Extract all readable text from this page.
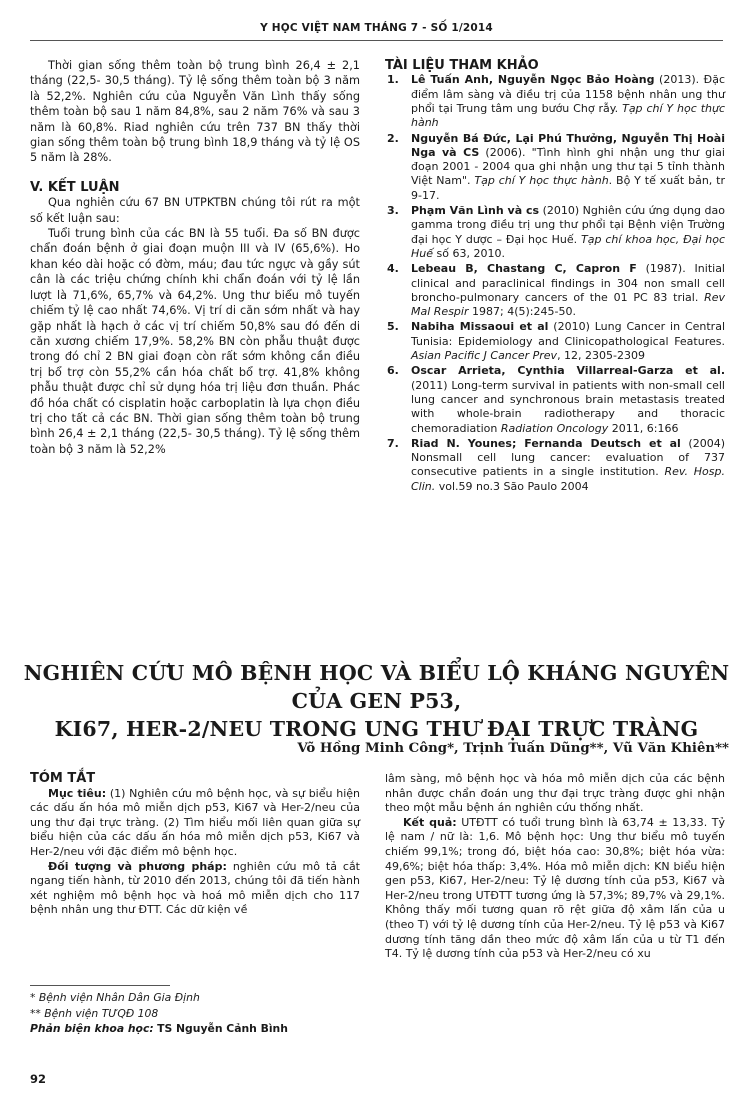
Y HỌC VIỆT NAM THÁNG 7 - SỐ 1/2014

Thời gian sống thêm toàn bộ trung bình 26,4 ± 2,1 tháng (22,5- 30,5 tháng). Tỷ lệ sống thêm toàn bộ 3 năm là 52,2%. Nghiên cứu của Nguyễn Văn Lình thấy sống thêm toàn bộ sau 1 năm 84,8%, sau 2 năm 76% và sau 3 năm là 60,8%. Riad nghiên cứu trên 737 BN thấy thời gian sống thêm toàn bộ trung bình 18,9 tháng và tỷ lệ OS 5 năm là 28%.

V. KẾT LUẬN

Qua nghiên cứu 67 BN UTPKTBN chúng tôi rút ra một số kết luận sau:

Tuổi trung bình của các BN là 55 tuổi. Đa số BN được chẩn đoán bệnh ở giai đoạn muộn III và IV (65,6%). Ho khan kéo dài hoặc có đờm, máu; đau tức ngực và gầy sút cân là các triệu chứng chính khi chẩn đoán với tỷ lệ lần lượt là 71,6%, 65,7% và 64,2%. Ung thư biểu mô tuyến chiếm tỷ lệ cao nhất 74,6%. Vị trí di căn sớm nhất và hay gặp nhất là hạch ở các vị trí chiếm 50,8% sau đó đến di căn xương chiếm 17,9%. 58,2% BN còn phẫu thuật được trong đó chỉ 2 BN giai đoạn còn rất sớm không cần điều trị bổ trợ còn 55,2% cần hóa chất bổ trợ. 41,8% không phẫu thuật được chỉ sử dụng hóa trị liệu đơn thuần. Phác đồ hóa chất có cisplatin hoặc carboplatin là lựa chọn điều trị cho tất cả các BN. Thời gian sống thêm toàn bộ trung bình 26,4 ± 2,1 tháng (22,5- 30,5 tháng). Tỷ lệ sống thêm toàn bộ 3 năm là 52,2%

TÀI LIỆU THAM KHẢO

1. Lê Tuấn Anh, Nguyễn Ngọc Bảo Hoàng (2013). Đặc điểm lâm sàng và điều trị của 1158 bệnh nhân ung thư phổi tại Trung tâm ung bướu Chợ rẫy. Tạp chí Y học thực hành
2. Nguyễn Bá Đức, Lại Phú Thưởng, Nguyễn Thị Hoài Nga và CS (2006). "Tình hình ghi nhận ung thư giai đoạn 2001 - 2004 qua ghi nhận ung thư tại 5 tỉnh thành Việt Nam". Tạp chí Y học thực hành. Bộ Y tế xuất bản, tr 9-17.
3. Phạm Văn Lình và cs (2010) Nghiên cứu ứng dụng dao gamma trong điều trị ung thư phổi tại Bệnh viện Trường đại học Y dược – Đại học Huế. Tạp chí khoa học, Đại học Huế số 63, 2010.
4. Lebeau B, Chastang C, Capron F (1987). Initial clinical and paraclinical findings in 304 non small cell broncho-pulmonary cancers of the 01 PC 83 trial. Rev Mal Respir 1987; 4(5):245-50.
5. Nabiha Missaoui et al (2010) Lung Cancer in Central Tunisia: Epidemiology and Clinicopathological Features. Asian Pacific J Cancer Prev, 12, 2305-2309
6. Oscar Arrieta, Cynthia Villarreal-Garza et al. (2011) Long-term survival in patients with non-small cell lung cancer and synchronous brain metastasis treated with whole-brain radiotherapy and thoracic chemoradiation Radiation Oncology 2011, 6:166
7. Riad N. Younes; Fernanda Deutsch et al (2004) Nonsmall cell lung cancer: evaluation of 737 consecutive patients in a single institution. Rev. Hosp. Clin. vol.59 no.3 São Paulo 2004
NGHIÊN CỨU MÔ BỆNH HỌC VÀ BIỂU LỘ KHÁNG NGUYÊN CỦA GEN P53,
KI67, HER-2/NEU TRONG UNG THƯ ĐẠI TRỰC TRÀNG
Võ Hồng Minh Công*, Trịnh Tuấn Dũng**, Vũ Văn Khiên**

TÓM TẮT

Mục tiêu: (1) Nghiên cứu mô bệnh học, và sự biểu hiện các dấu ấn hóa mô miễn dịch p53, Ki67 và Her-2/neu của ung thư đại trực tràng. (2) Tìm hiểu mối liên quan giữa sự biểu hiện của các dấu ấn hóa mô miễn dịch p53, Ki67 và Her-2/neu với đặc điểm mô bệnh học.

Đối tượng và phương pháp: nghiên cứu mô tả cắt ngang tiến hành, từ 2010 đến 2013, chúng tôi đã tiến hành xét nghiệm mô bệnh học và hoá mô miễn dịch cho 117 bệnh nhân ung thư ĐTT. Các dữ kiện về

lâm sàng, mô bệnh học và hóa mô miễn dịch của các bệnh nhân được chẩn đoán ung thư đại trực tràng được ghi nhận theo một mẫu bệnh án nghiên cứu thống nhất.

Kết quả: UTĐTT có tuổi trung bình là 63,74 ± 13,33. Tỷ lệ nam / nữ là: 1,6. Mô bệnh học: Ung thư biểu mô tuyến chiếm 99,1%; trong đó, biệt hóa cao: 30,8%; biệt hóa vừa: 49,6%; biệt hóa thấp: 3,4%. Hóa mô miễn dịch: KN biểu hiện gen p53, Ki67, Her-2/neu: Tỷ lệ dương tính của p53, Ki67 và Her-2/neu trong UTĐTT tương ứng là 57,3%; 89,7% và 29,1%. Không thấy mối tương quan rõ rệt giữa độ xâm lấn của u (theo T) với tỷ lệ dương tính của Her-2/neu. Tỷ lệ p53 và Ki67 dương tính tăng dần theo mức độ xâm lấn của u từ T1 đến T4. Tỷ lệ dương tính của p53 và Her-2/neu có xu

* Bệnh viện Nhân Dân Gia Định
** Bệnh viện TƯQĐ 108
Phản biện khoa học: TS Nguyễn Cảnh Bình
92
